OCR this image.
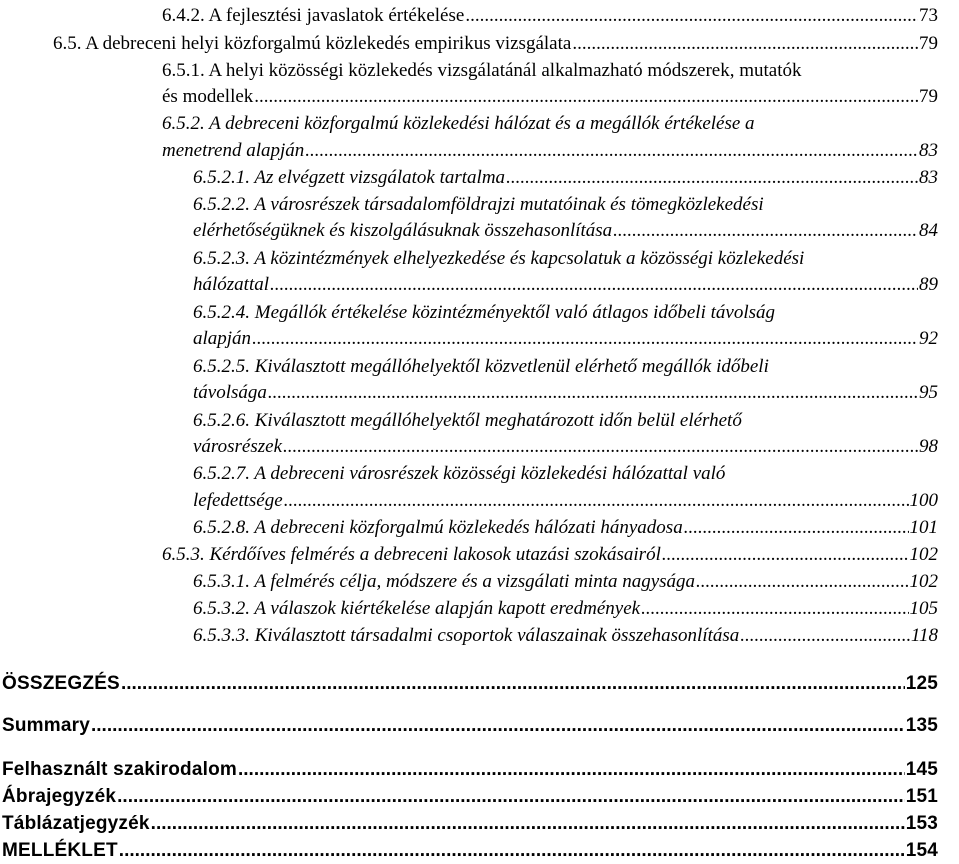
6.4.2. A fejlesztési javaslatok értékelése .....	73
6.5. A debreceni helyi közforgalmú közlekedés empirikus vizsgálata .....	79
6.5.1. A helyi közösségi közlekedés vizsgálatánál alkalmazható módszerek, mutatók
és modellek .....	79
6.5.2. A debreceni közforgalmú közlekedési hálózat és a megállók értékelése a
menetrend alapján .....	83
6.5.2.1. Az elvégzett vizsgálatok tartalma .....	83
6.5.2.2. A városrészek társadalomföldrajzi mutatóinak és tömegközlekedési
elérhetőségüknek és kiszolgálásuknak összehasonlítása .....	84
6.5.2.3. A közintézmények elhelyezkedése és kapcsolatuk a közösségi közlekedési
hálózattal .....	89
6.5.2.4. Megállók értékelése közintézményektől való átlagos időbeli távolság
alapján .....	92
6.5.2.5. Kiválasztott megállóhelyektől közvetlenül elérhető megállók időbeli
távolsága .....	95
6.5.2.6. Kiválasztott megállóhelyektől meghatározott időn belül elérhető
városrészek .....	98
6.5.2.7. A debreceni városrészek közösségi közlekedési hálózattal való
lefedettsége .....	100
6.5.2.8. A debreceni közforgalmú közlekedés hálózati hányadosa .....	101
6.5.3. Kérdőíves felmérés a debreceni lakosok utazási szokásairól .....	102
6.5.3.1. A felmérés célja, módszere és a vizsgálati minta nagysága .....	102
6.5.3.2. A válaszok kiértékelése alapján kapott eredmények .....	105
6.5.3.3. Kiválasztott társadalmi csoportok válaszainak összehasonlítása .....	118
ÖSSZEGZÉS .....	125
Summary .....	135
Felhasznált szakirodalom .....	145
Ábrajegyzék .....	151
Táblázatjegyzék .....	153
MELLÉKLET .....	154
